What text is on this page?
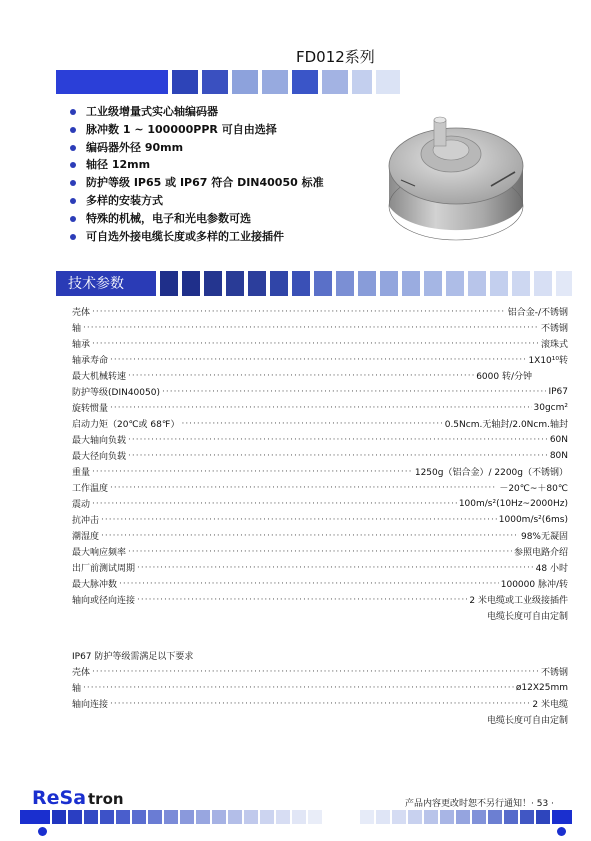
FD012系列
工业级增量式实心轴编码器
脉冲数 1 ~ 100000PPR 可自由选择
编码器外径 90mm
轴径 12mm
防护等级 IP65 或 IP67 符合 DIN40050 标准
多样的安装方式
特殊的机械，电子和光电参数可选
可自选外接电缆长度或多样的工业接插件
技术参数
壳体 ·····	铝合金-/不锈钢
轴 ·····	不锈钢
轴承 ·····	滚珠式
轴承寿命 ·····	1X10¹⁰转
最大机械转速 ·····	6000 转/分钟
防护等级(DIN40050) ·····	IP67
旋转惯量 ·····	30gcm²
启动力矩（20℃或 68℉） ·····	0.5Ncm.无轴封/2.0Ncm.轴封
最大轴向负载 ·····	60N
最大径向负载 ·····	80N
重量 ·····	1250g（铝合金）/ 2200g（不锈钢）
工作温度 ·····	－20℃~＋80℃
震动 ·····	100m/s²(10Hz~2000Hz)
抗冲击 ·····	1000m/s²(6ms)
潮湿度 ·····	98%无凝固
最大响应频率 ·····	参照电路介绍
出厂前测试周期 ·····	48 小时
最大脉冲数 ·····	100000 脉冲/转
轴向或径向连接 ·····	2 米电缆或工业级接插件
电缆长度可自由定制
IP67 防护等级需满足以下要求
壳体 ·····	不锈钢
轴 ·····	ø12X25mm
轴向连接 ·····	2 米电缆
电缆长度可自由定制
ReSa tron	产品内容更改时恕不另行通知！· 53 ·
